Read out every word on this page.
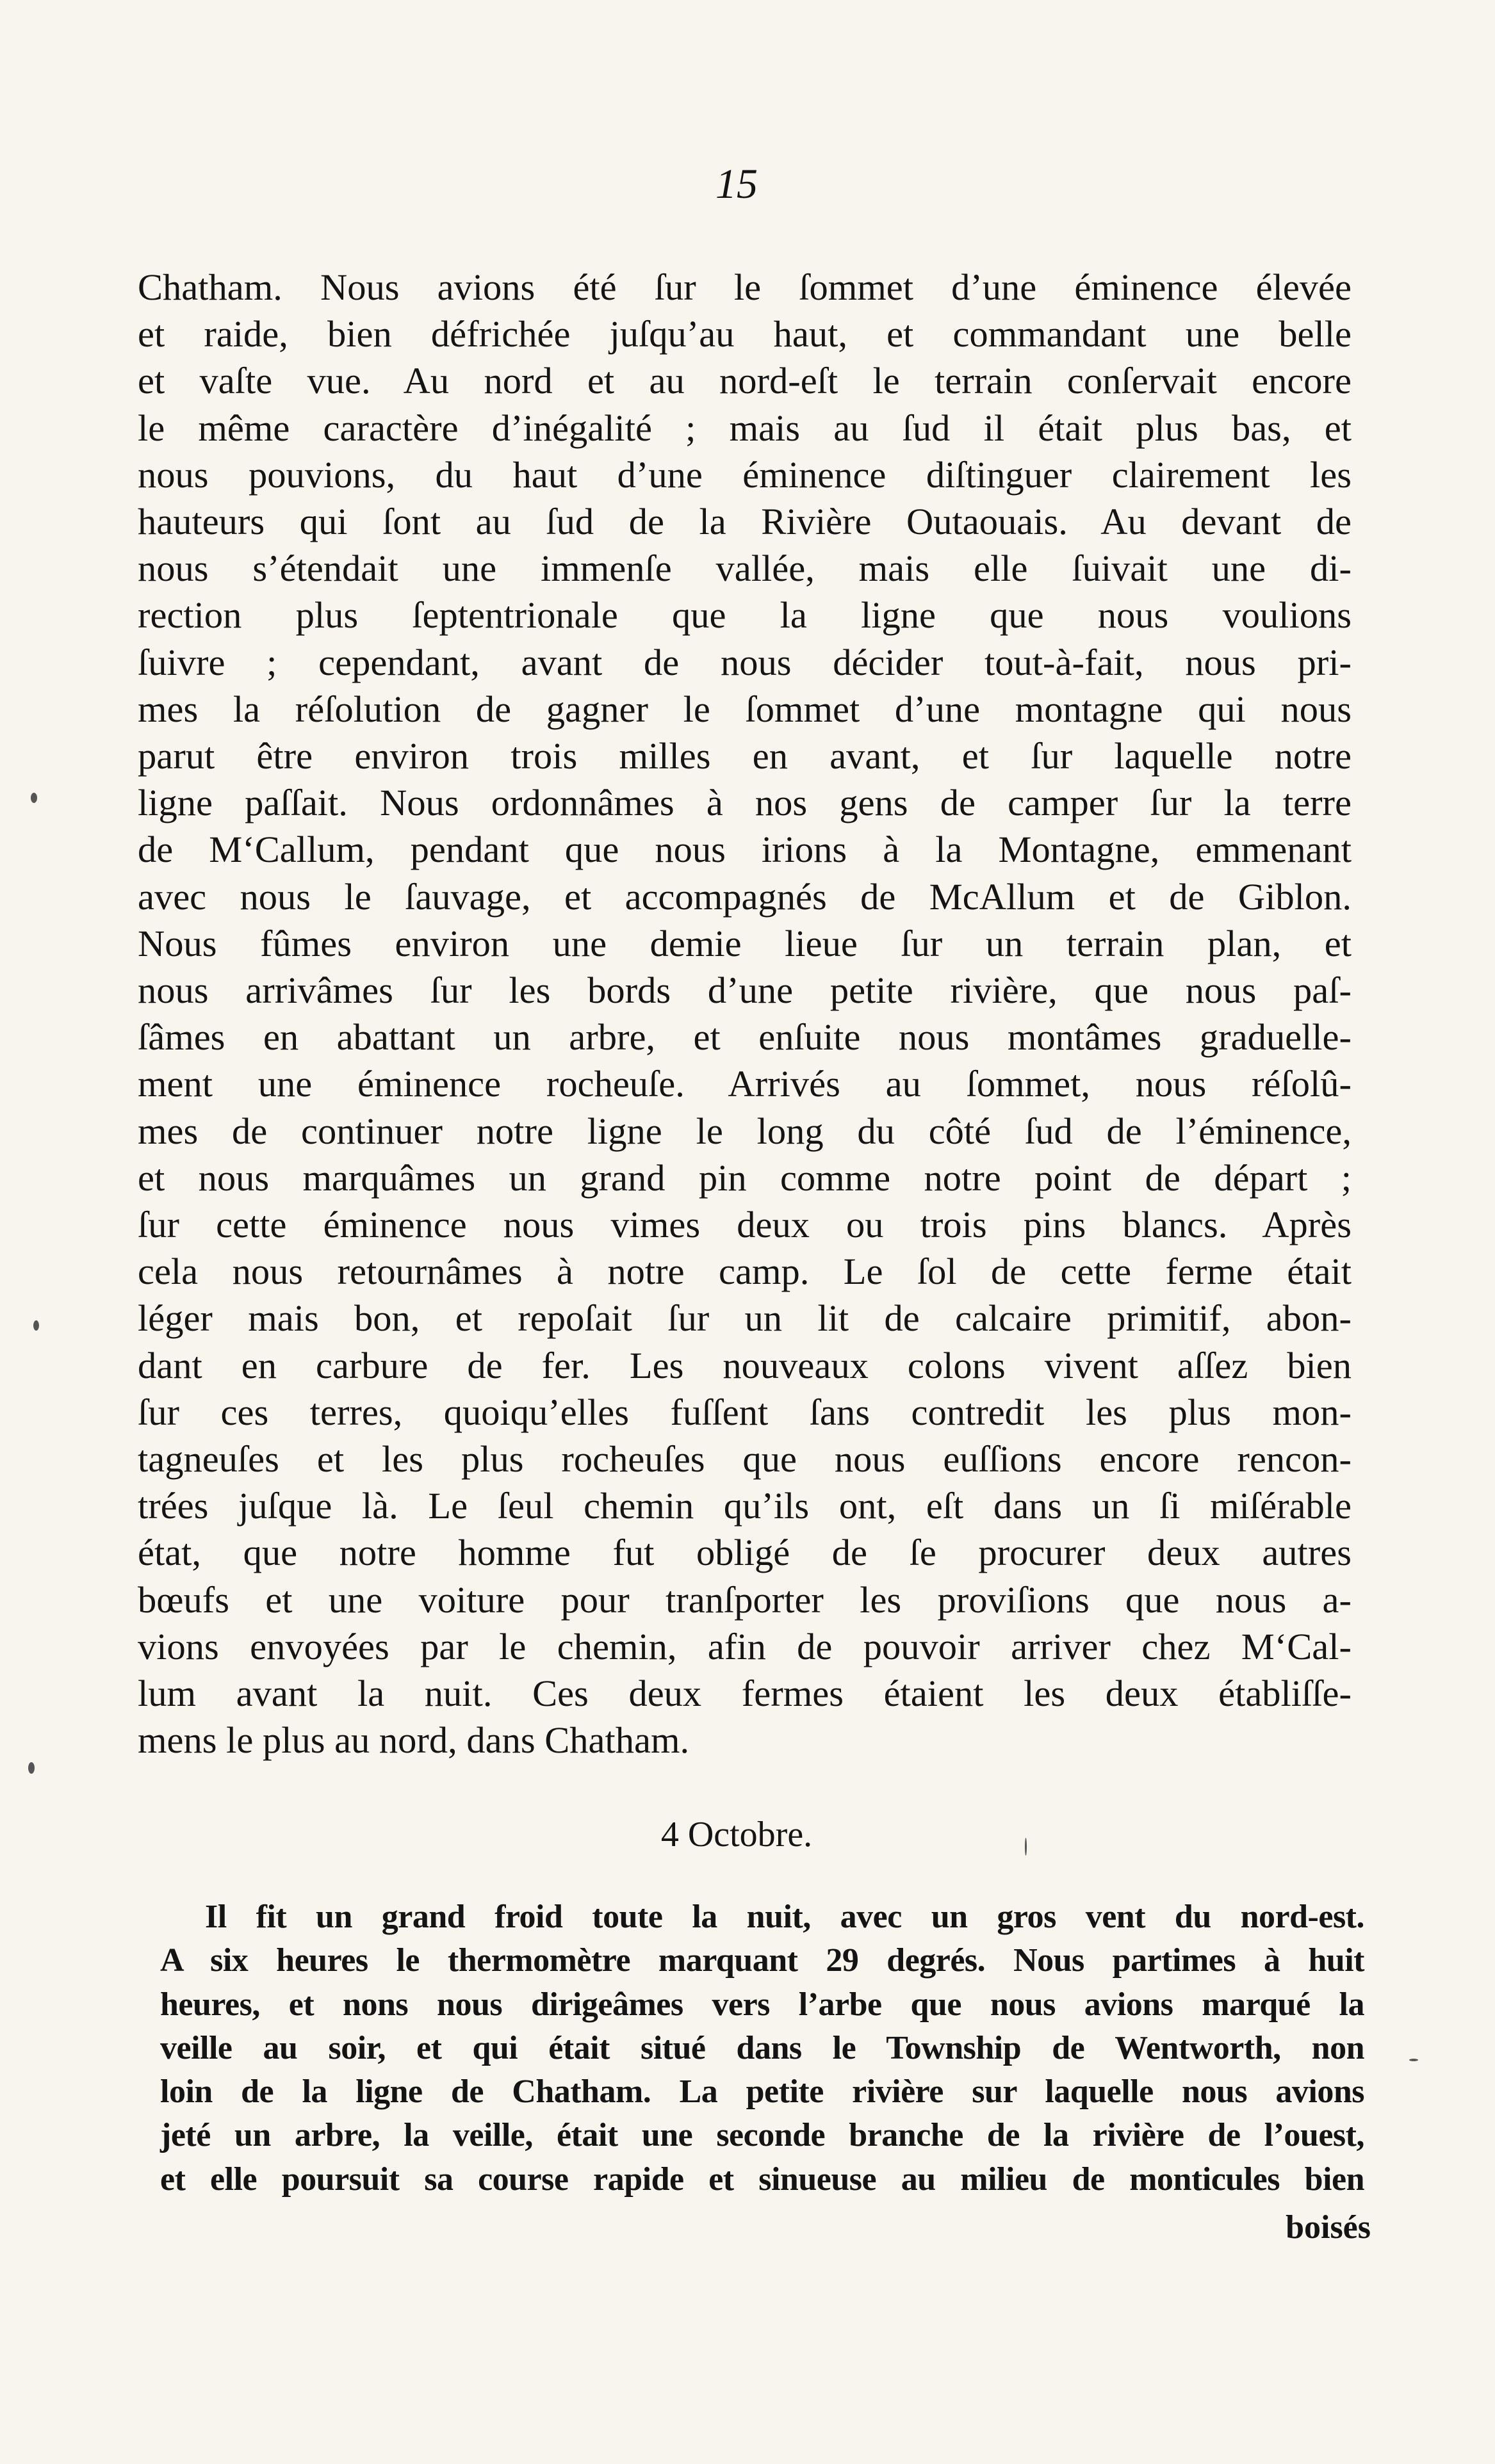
15
Chatham. Nous avions été ſur le ſommet d’une éminence élevée
et raide, bien défrichée juſqu’au haut, et commandant une belle
et vaſte vue. Au nord et au nord-eſt le terrain conſervait encore
le même caractère d’inégalité ; mais au ſud il était plus bas, et
nous pouvions, du haut d’une éminence diſtinguer clairement les
hauteurs qui ſont au ſud de la Rivière Outaouais. Au devant de
nous s’étendait une immenſe vallée, mais elle ſuivait une di-
rection plus ſeptentrionale que la ligne que nous voulions
ſuivre ; cependant, avant de nous décider tout-à-fait, nous pri-
mes la réſolution de gagner le ſommet d’une montagne qui nous
parut être environ trois milles en avant, et ſur laquelle notre
ligne paſſait. Nous ordonnâmes à nos gens de camper ſur la terre
de M‘Callum, pendant que nous irions à la Montagne, emmenant
avec nous le ſauvage, et accompagnés de McAllum et de Giblon.
Nous fûmes environ une demie lieue ſur un terrain plan, et
nous arrivâmes ſur les bords d’une petite rivière, que nous paſ-
ſâmes en abattant un arbre, et enſuite nous montâmes graduelle-
ment une éminence rocheuſe. Arrivés au ſommet, nous réſolû-
mes de continuer notre ligne le long du côté ſud de l’éminence,
et nous marquâmes un grand pin comme notre point de départ ;
ſur cette éminence nous vimes deux ou trois pins blancs. Après
cela nous retournâmes à notre camp. Le ſol de cette ferme était
léger mais bon, et repoſait ſur un lit de calcaire primitif, abon-
dant en carbure de fer. Les nouveaux colons vivent aſſez bien
ſur ces terres, quoiqu’elles fuſſent ſans contredit les plus mon-
tagneuſes et les plus rocheuſes que nous euſſions encore rencon-
trées juſque là. Le ſeul chemin qu’ils ont, eſt dans un ſi miſérable
état, que notre homme fut obligé de ſe procurer deux autres
bœufs et une voiture pour tranſporter les proviſions que nous a-
vions envoyées par le chemin, afin de pouvoir arriver chez M‘Cal-
lum avant la nuit. Ces deux fermes étaient les deux établiſſe-
mens le plus au nord, dans Chatham.
4 Octobre.
Il fit un grand froid toute la nuit, avec un gros vent du nord-est.
A six heures le thermomètre marquant 29 degrés. Nous partimes à huit
heures, et nons nous dirigeâmes vers l’arbe que nous avions marqué la
veille au soir, et qui était situé dans le Township de Wentworth, non
loin de la ligne de Chatham. La petite rivière sur laquelle nous avions
jeté un arbre, la veille, était une seconde branche de la rivière de l’ouest,
et elle poursuit sa course rapide et sinueuse au milieu de monticules bien
boisés
